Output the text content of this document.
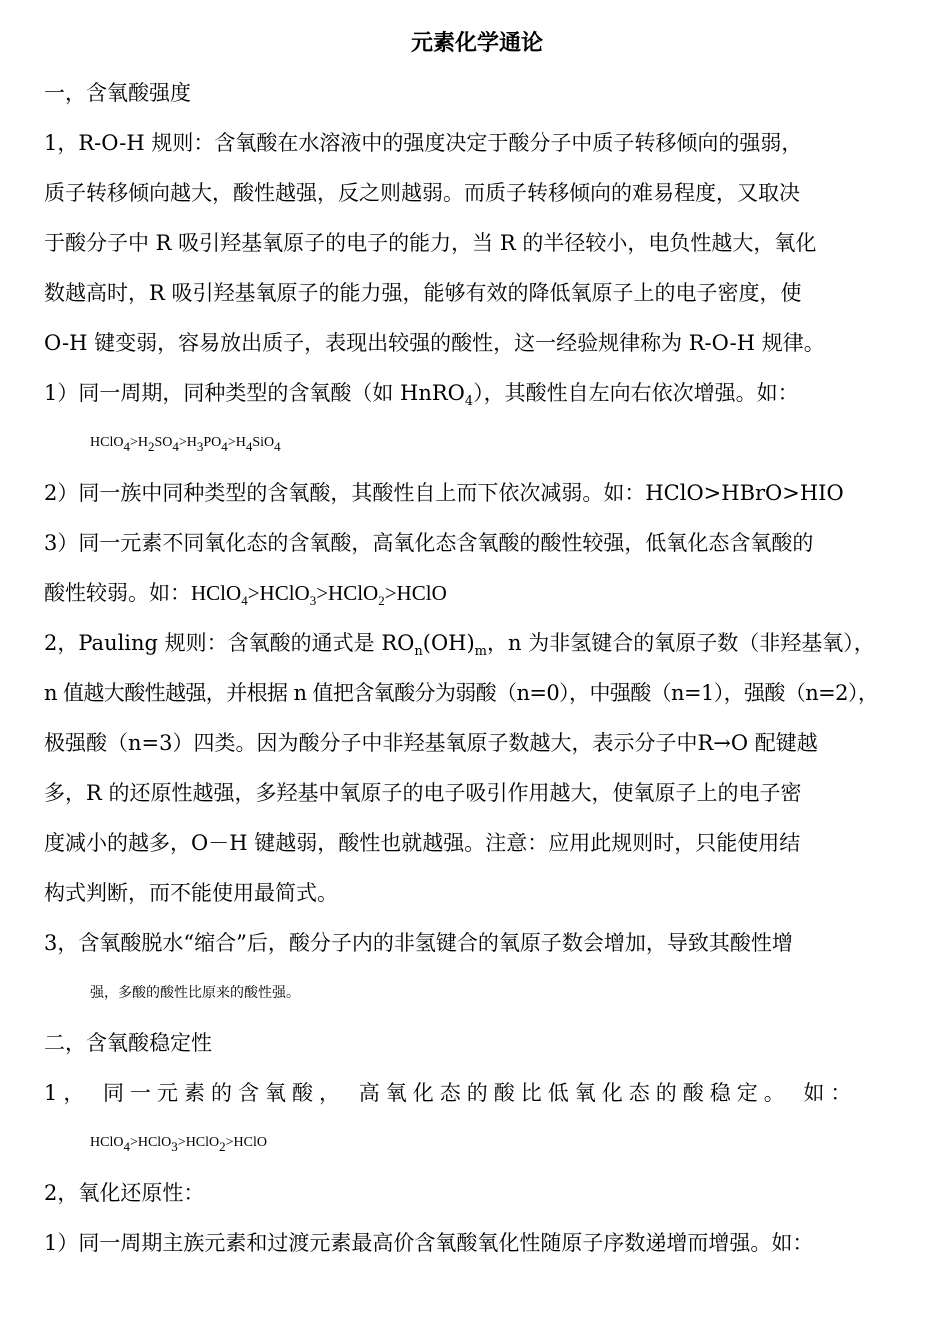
元素化学通论

一，含氧酸强度

1，R-O-H 规则：含氧酸在水溶液中的强度决定于酸分子中质子转移倾向的强弱，

质子转移倾向越大，酸性越强，反之则越弱。而质子转移倾向的难易程度，又取决

于酸分子中 R 吸引羟基氧原子的电子的能力，当 R 的半径较小，电负性越大，氧化

数越高时，R 吸引羟基氧原子的能力强，能够有效的降低氧原子上的电子密度，使

O-H 键变弱，容易放出质子，表现出较强的酸性，这一经验规律称为 R-O-H 规律。

1）同一周期，同种类型的含氧酸（如 HnRO$_4$），其酸性自左向右依次增强。如：

$HClO_4>H_2SO_4>H_3PO_4>H_4SiO_4$

2）同一族中同种类型的含氧酸，其酸性自上而下依次减弱。如：HClO>HBrO>HIO

3）同一元素不同氧化态的含氧酸，高氧化态含氧酸的酸性较强，低氧化态含氧酸的

酸性较弱。如：HClO$_4$>HClO$_3$>HClO$_2$>HClO

2，Pauling 规则：含氧酸的通式是 $RO_n(OH)_m$，n 为非氢键合的氧原子数（非羟基氧），

n 值越大酸性越强，并根据 n 值把含氧酸分为弱酸（n=0），中强酸（n=1），强酸（n=2），

极强酸（n=3）四类。因为酸分子中非羟基氧原子数越大，表示分子中R→O 配键越

多，R 的还原性越强，多羟基中氧原子的电子吸引作用越大，使氧原子上的电子密

度减小的越多，O－H 键越弱，酸性也就越强。注意：应用此规则时，只能使用结

构式判断，而不能使用最简式。

3，含氧酸脱水“缩合”后，酸分子内的非氢键合的氧原子数会增加，导致其酸性增

强，多酸的酸性比原来的酸性强。

二，含氧酸稳定性

1， 同一元素的含氧酸， 高氧化态的酸比低氧化态的酸稳定。 如：

HClO$_4$>HClO$_3$>HClO$_2$>HClO

2，氧化还原性：

1）同一周期主族元素和过渡元素最高价含氧酸氧化性随原子序数递增而增强。如：
